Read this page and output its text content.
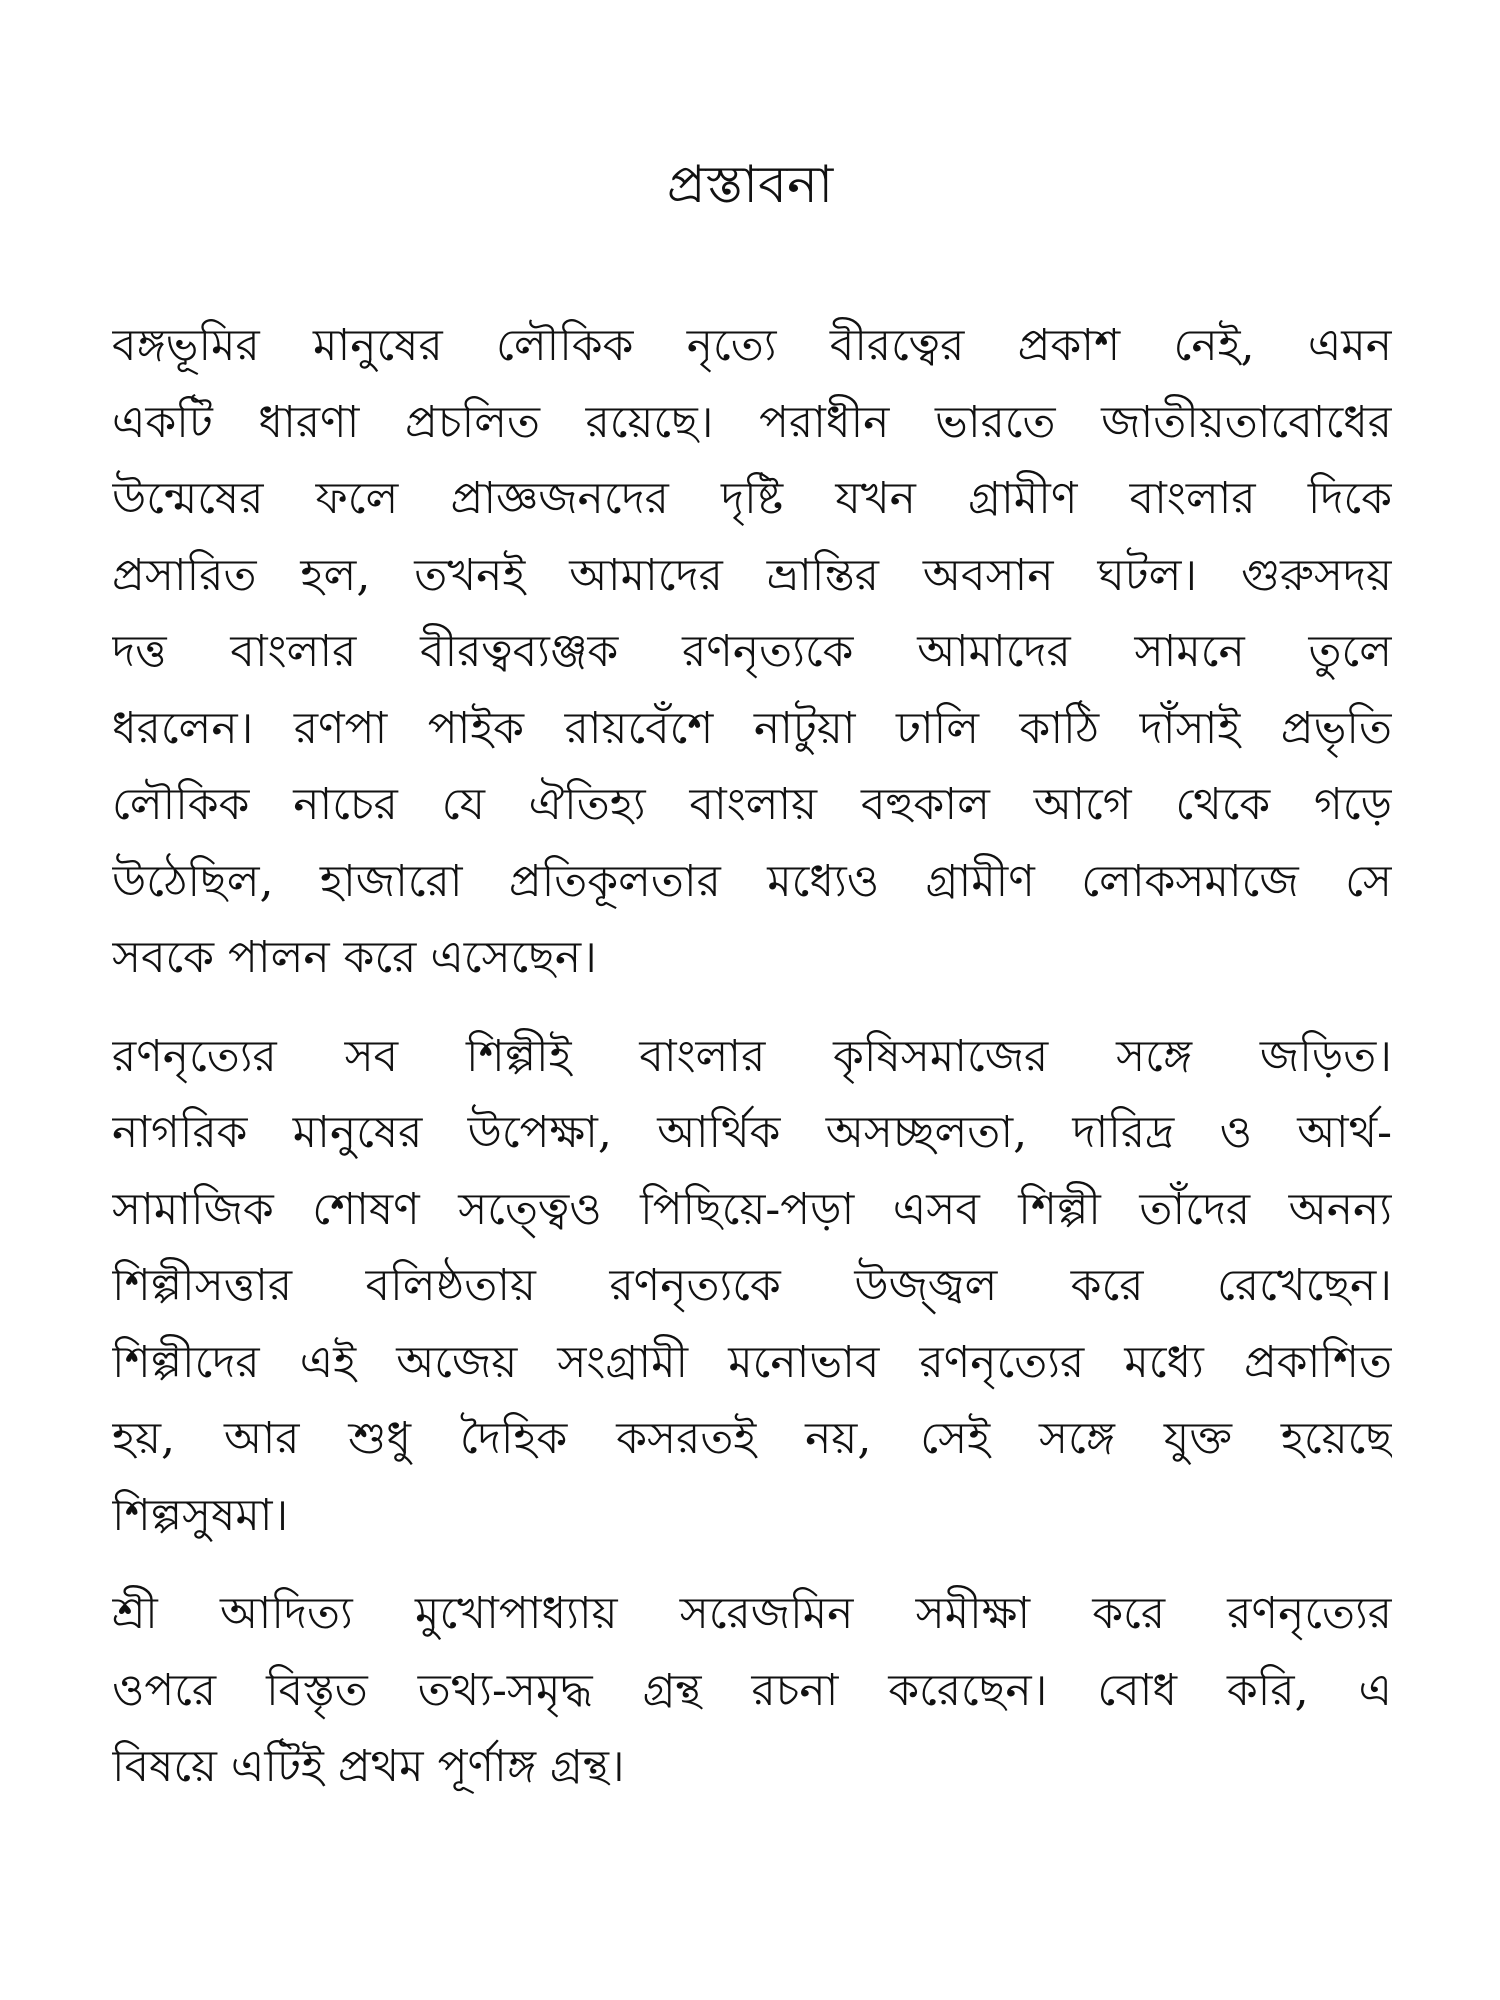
প্রস্তাবনা
বঙ্গভূমির মানুষের লৌকিক নৃত্যে বীরত্বের প্রকাশ নেই, এমন
একটি ধারণা প্রচলিত রয়েছে। পরাধীন ভারতে জাতীয়তাবোধের
উন্মেষের ফলে প্রাজ্ঞজনদের দৃষ্টি যখন গ্রামীণ বাংলার দিকে
প্রসারিত হল, তখনই আমাদের ভ্রান্তির অবসান ঘটল। গুরুসদয়
দত্ত বাংলার বীরত্বব্যঞ্জক রণনৃত্যকে আমাদের সামনে তুলে
ধরলেন। রণপা পাইক রায়বেঁশে নাটুয়া ঢালি কাঠি দাঁসাই প্রভৃতি
লৌকিক নাচের যে ঐতিহ্য বাংলায় বহুকাল আগে থেকে গড়ে
উঠেছিল, হাজারো প্রতিকূলতার মধ্যেও গ্রামীণ লোকসমাজে সে
সবকে পালন করে এসেছেন।
রণনৃত্যের সব শিল্পীই বাংলার কৃষিসমাজের সঙ্গে জড়িত।
নাগরিক মানুষের উপেক্ষা, আর্থিক অসচ্ছলতা, দারিদ্র ও আর্থ-
সামাজিক শোষণ সত্ত্বেও পিছিয়ে-পড়া এসব শিল্পী তাঁদের অনন্য
শিল্পীসত্তার বলিষ্ঠতায় রণনৃত্যকে উজ্জ্বল করে রেখেছেন।
শিল্পীদের এই অজেয় সংগ্রামী মনোভাব রণনৃত্যের মধ্যে প্রকাশিত
হয়, আর শুধু দৈহিক কসরতই নয়, সেই সঙ্গে যুক্ত হয়েছে
শিল্পসুষমা।
শ্রী আদিত্য মুখোপাধ্যায় সরেজমিন সমীক্ষা করে রণনৃত্যের
ওপরে বিস্তৃত তথ্য-সমৃদ্ধ গ্রন্থ রচনা করেছেন। বোধ করি, এ
বিষয়ে এটিই প্রথম পূর্ণাঙ্গ গ্রন্থ।
